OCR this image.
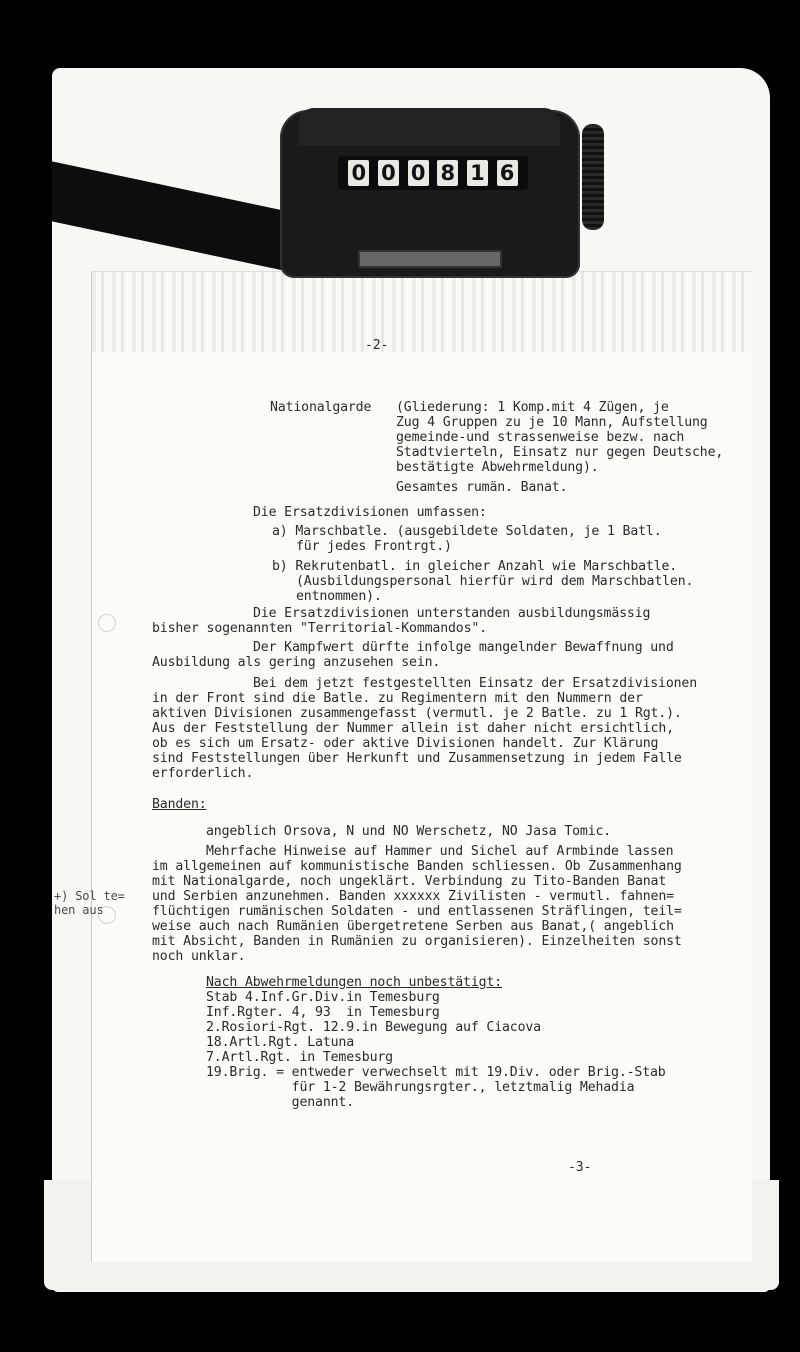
0 0 0 8 1 6
-2-
Nationalgarde (Gliederung: 1 Komp.mit 4 Zügen, je
Zug 4 Gruppen zu je 10 Mann, Aufstellung
gemeinde-und strassenweise bezw. nach
Stadtvierteln, Einsatz nur gegen Deutsche,
bestätigte Abwehrmeldung).
Gesamtes rumän. Banat.
Die Ersatzdivisionen umfassen:
a) Marschbatle. (ausgebildete Soldaten, je 1 Batl.
für jedes Frontrgt.)
b) Rekrutenbatl. in gleicher Anzahl wie Marschbatle.
(Ausbildungspersonal hierfür wird dem Marschbatlen.
entnommen).
Die Ersatzdivisionen unterstanden ausbildungsmässig
bisher sogenannten "Territorial-Kommandos".
Der Kampfwert dürfte infolge mangelnder Bewaffnung und
Ausbildung als gering anzusehen sein.
Bei dem jetzt festgestellten Einsatz der Ersatzdivisionen
in der Front sind die Batle. zu Regimentern mit den Nummern der
aktiven Divisionen zusammengefasst (vermutl. je 2 Batle. zu 1 Rgt.).
Aus der Feststellung der Nummer allein ist daher nicht ersichtlich,
ob es sich um Ersatz- oder aktive Divisionen handelt. Zur Klärung
sind Feststellungen über Herkunft und Zusammensetzung in jedem Falle
erforderlich.
Banden:
angeblich Orsova, N und NO Werschetz, NO Jasa Tomic.
Mehrfache Hinweise auf Hammer und Sichel auf Armbinde lassen
im allgemeinen auf kommunistische Banden schliessen. Ob Zusammenhang
mit Nationalgarde, noch ungeklärt. Verbindung zu Tito-Banden Banat
und Serbien anzunehmen. Banden xxxxxx Zivilisten - vermutl. fahnen=
flüchtigen rumänischen Soldaten - und entlassenen Sträflingen, teil=
weise auch nach Rumänien übergetretene Serben aus Banat,( angeblich
mit Absicht, Banden in Rumänien zu organisieren). Einzelheiten sonst
noch unklar.
+) Sol te=
hen aus
Nach Abwehrmeldungen noch unbestätigt:
Stab 4.Inf.Gr.Div.in Temesburg
Inf.Rgter. 4, 93  in Temesburg
2.Rosiori-Rgt. 12.9.in Bewegung auf Ciacova
18.Artl.Rgt. Latuna
7.Artl.Rgt. in Temesburg
19.Brig. = entweder verwechselt mit 19.Div. oder Brig.-Stab
für 1-2 Bewährungsrgter., letztmalig Mehadia
genannt.
-3-
